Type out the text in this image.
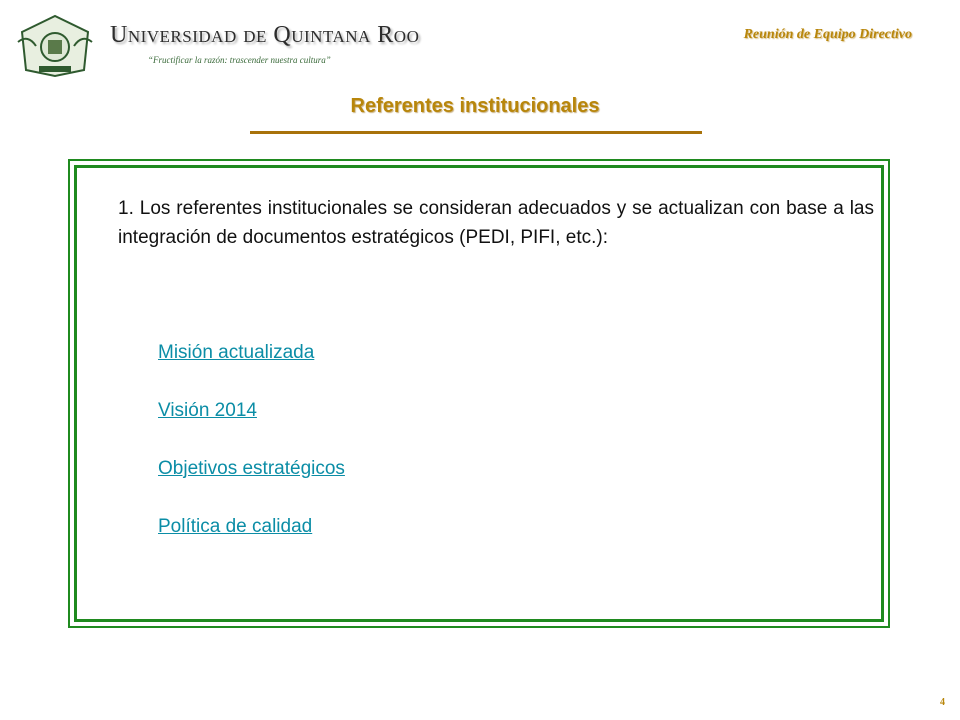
Universidad de Quintana Roo
“Fructificar la razón: trascender nuestra cultura”
Reunión de Equipo Directivo
Referentes institucionales
1. Los referentes institucionales se consideran adecuados y se actualizan con base a las integración de documentos estratégicos (PEDI, PIFI, etc.):
Misión actualizada
Visión 2014
Objetivos estratégicos
Política de calidad
4
